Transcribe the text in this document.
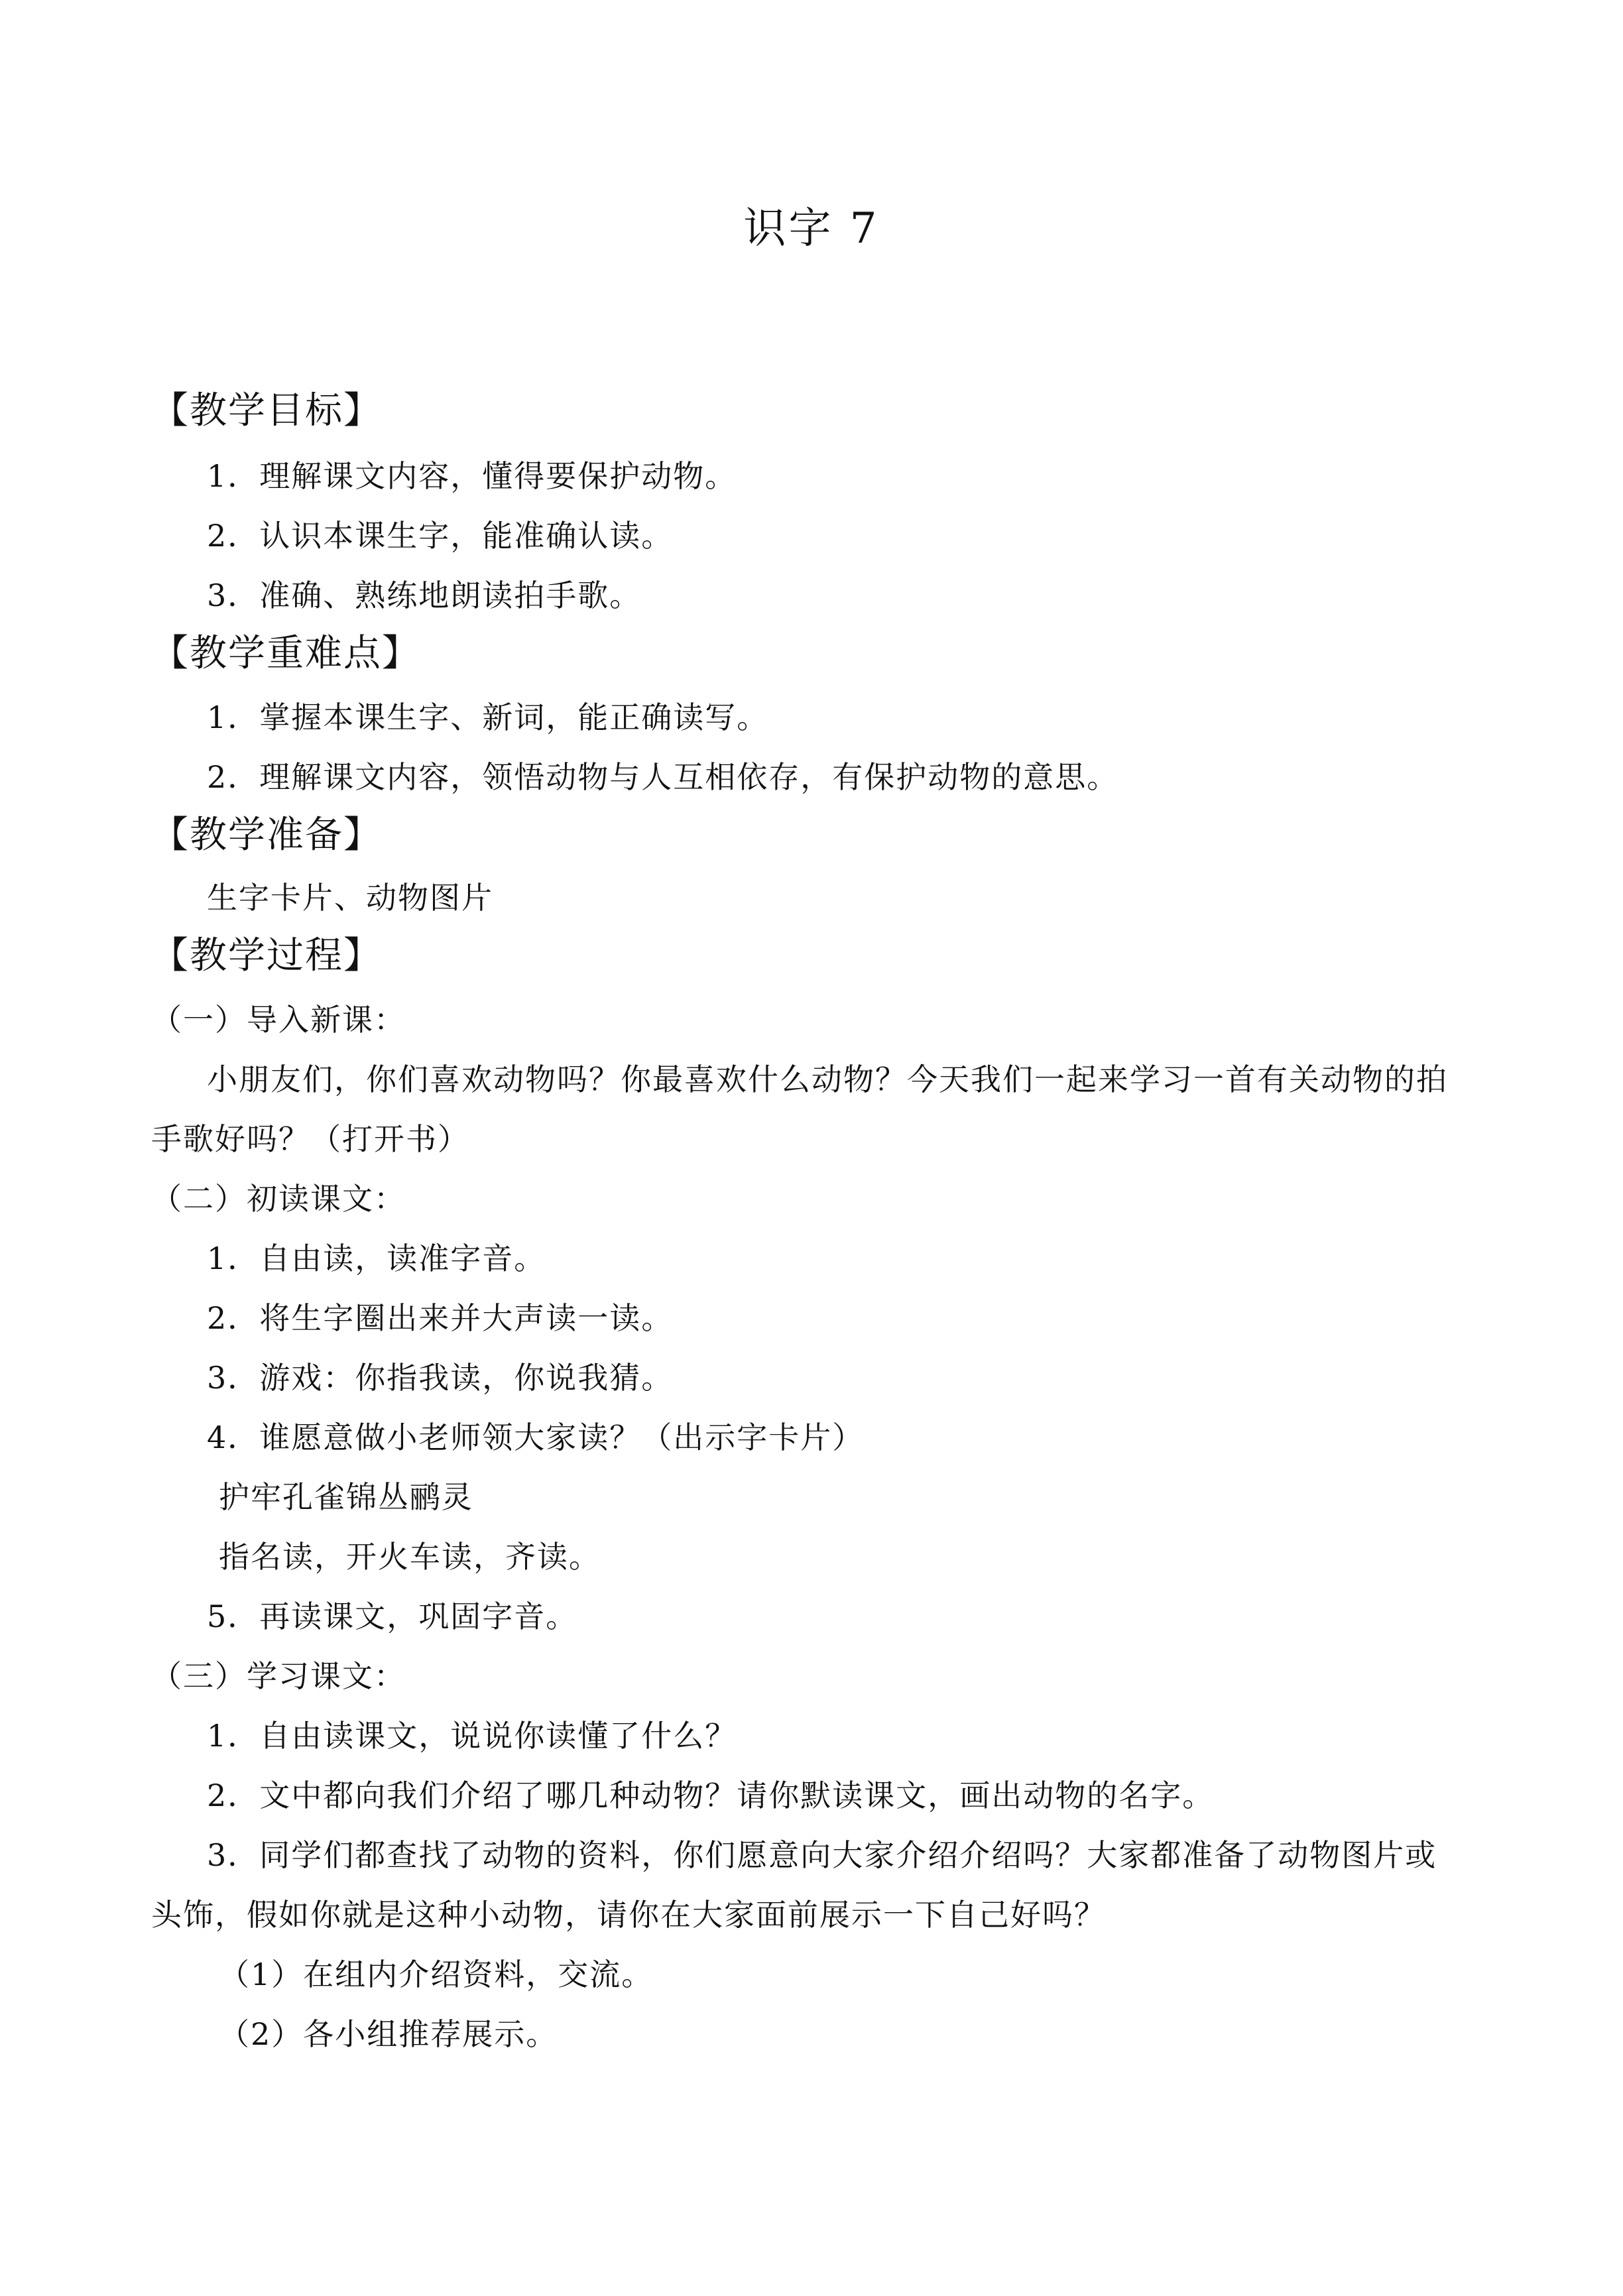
识字 7
【教学目标】
1．理解课文内容，懂得要保护动物。
2．认识本课生字，能准确认读。
3．准确、熟练地朗读拍手歌。
【教学重难点】
1．掌握本课生字、新词，能正确读写。
2．理解课文内容，领悟动物与人互相依存，有保护动物的意思。
【教学准备】
生字卡片、动物图片
【教学过程】
（一）导入新课：
小朋友们，你们喜欢动物吗？你最喜欢什么动物？今天我们一起来学习一首有关动物的拍
手歌好吗？（打开书）
（二）初读课文：
1．自由读，读准字音。
2．将生字圈出来并大声读一读。
3．游戏：你指我读，你说我猜。
4．谁愿意做小老师领大家读？（出示字卡片）
护牢孔雀锦丛鹂灵
指名读，开火车读，齐读。
5．再读课文，巩固字音。
（三）学习课文：
1．自由读课文，说说你读懂了什么？
2．文中都向我们介绍了哪几种动物？请你默读课文，画出动物的名字。
3．同学们都查找了动物的资料，你们愿意向大家介绍介绍吗？大家都准备了动物图片或
头饰，假如你就是这种小动物，请你在大家面前展示一下自己好吗？
（1）在组内介绍资料，交流。
（2）各小组推荐展示。
